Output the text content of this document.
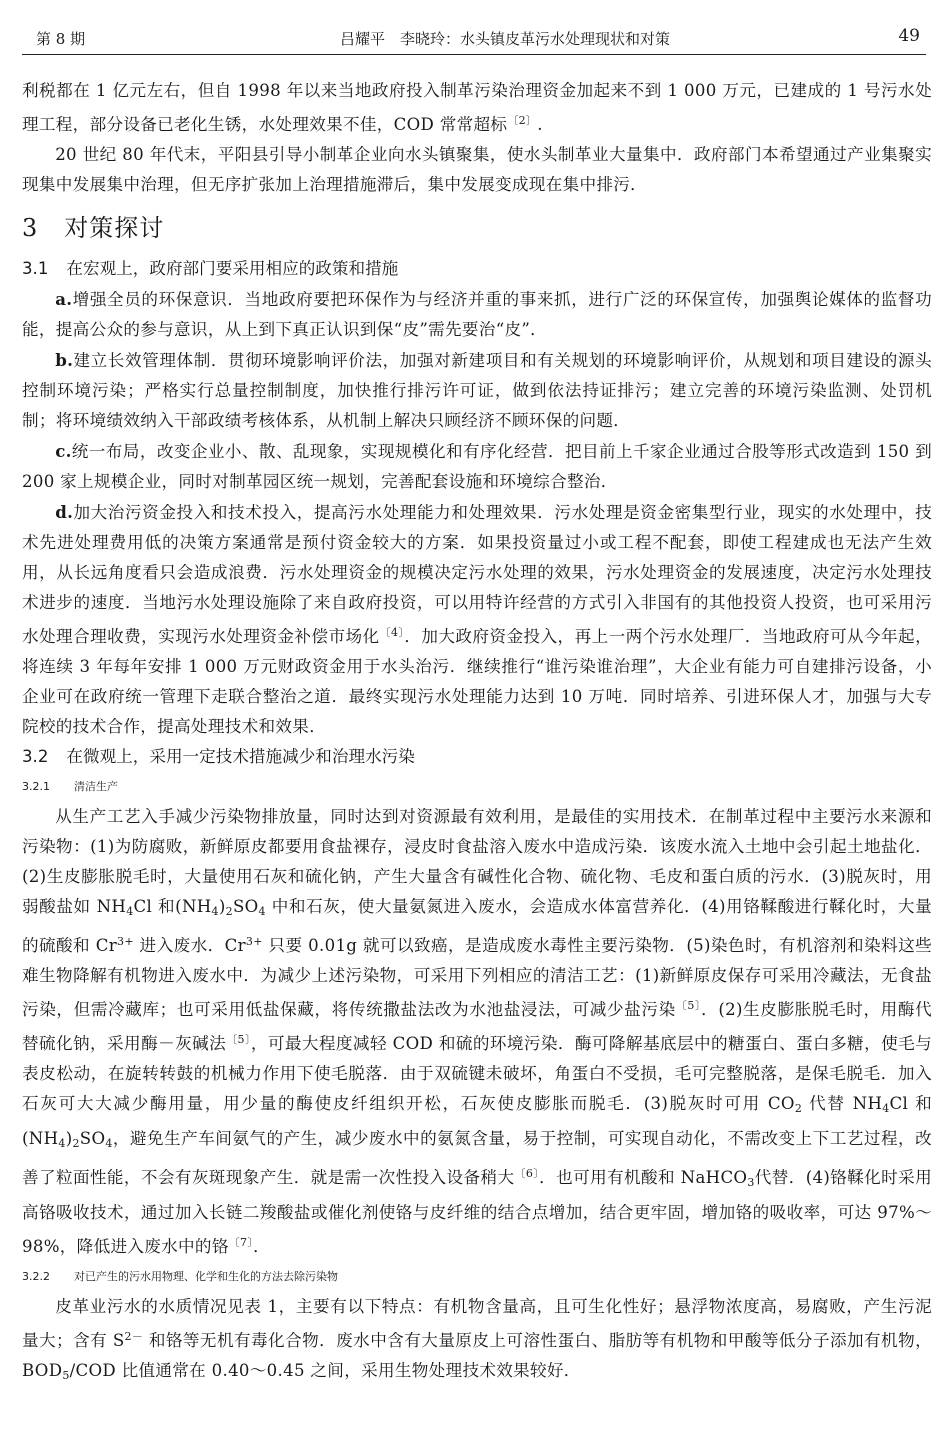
第 8 期	吕耀平　李晓玲：水头镇皮革污水处理现状和对策	49

利税都在 1 亿元左右，但自 1998 年以来当地政府投入制革污染治理资金加起来不到 1 000 万元，已建成的 1 号污水处理工程，部分设备已老化生锈，水处理效果不佳，COD 常常超标$^{〔2〕}$.

20 世纪 80 年代末，平阳县引导小制革企业向水头镇聚集，使水头制革业大量集中．政府部门本希望通过产业集聚实现集中发展集中治理，但无序扩张加上治理措施滞后，集中发展变成现在集中排污．

3 对策探讨
3.1 在宏观上，政府部门要采用相应的政策和措施

a.增强全员的环保意识．当地政府要把环保作为与经济并重的事来抓，进行广泛的环保宣传，加强舆论媒体的监督功能，提高公众的参与意识，从上到下真正认识到保“皮”需先要治“皮”．

b.建立长效管理体制．贯彻环境影响评价法，加强对新建项目和有关规划的环境影响评价，从规划和项目建设的源头控制环境污染；严格实行总量控制制度，加快推行排污许可证，做到依法持证排污；建立完善的环境污染监测、处罚机制；将环境绩效纳入干部政绩考核体系，从机制上解决只顾经济不顾环保的问题．

c.统一布局，改变企业小、散、乱现象，实现规模化和有序化经营．把目前上千家企业通过合股等形式改造到 150 到 200 家上规模企业，同时对制革园区统一规划，完善配套设施和环境综合整治．

d.加大治污资金投入和技术投入，提高污水处理能力和处理效果．污水处理是资金密集型行业，现实的水处理中，技术先进处理费用低的决策方案通常是预付资金较大的方案．如果投资量过小或工程不配套，即使工程建成也无法产生效用，从长远角度看只会造成浪费．污水处理资金的规模决定污水处理的效果，污水处理资金的发展速度，决定污水处理技术进步的速度．当地污水处理设施除了来自政府投资，可以用特许经营的方式引入非国有的其他投资人投资，也可采用污水处理合理收费，实现污水处理资金补偿市场化$^{〔4〕}$．加大政府资金投入，再上一两个污水处理厂．当地政府可从今年起，将连续 3 年每年安排 1 000 万元财政资金用于水头治污．继续推行“谁污染谁治理”，大企业有能力可自建排污设备，小企业可在政府统一管理下走联合整治之道．最终实现污水处理能力达到 10 万吨．同时培养、引进环保人才，加强与大专院校的技术合作，提高处理技术和效果．

3.2 在微观上，采用一定技术措施减少和治理水污染
3.2.1 清洁生产

从生产工艺入手减少污染物排放量，同时达到对资源最有效利用，是最佳的实用技术．在制革过程中主要污水来源和污染物：(1)为防腐败，新鲜原皮都要用食盐裸存，浸皮时食盐溶入废水中造成污染．该废水流入土地中会引起土地盐化．(2)生皮膨胀脱毛时，大量使用石灰和硫化钠，产生大量含有碱性化合物、硫化物、毛皮和蛋白质的污水．(3)脱灰时，用弱酸盐如 $NH_4Cl$ 和$(NH_4)_2SO_4$ 中和石灰，使大量氨氮进入废水，会造成水体富营养化．(4)用铬鞣酸进行鞣化时，大量的硫酸和 $Cr^{3+}$ 进入废水．$Cr^{3+}$ 只要 0.01g 就可以致癌，是造成废水毒性主要污染物．(5)染色时，有机溶剂和染料这些难生物降解有机物进入废水中．为减少上述污染物，可采用下列相应的清洁工艺：(1)新鲜原皮保存可采用冷藏法，无食盐污染，但需冷藏库；也可采用低盐保藏，将传统撒盐法改为水池盐浸法，可减少盐污染$^{〔5〕}$．(2)生皮膨胀脱毛时，用酶代替硫化钠，采用酶－灰碱法$^{〔5〕}$，可最大程度减轻 COD 和硫的环境污染．酶可降解基底层中的糖蛋白、蛋白多糖，使毛与表皮松动，在旋转转鼓的机械力作用下使毛脱落．由于双硫键未破坏，角蛋白不受损，毛可完整脱落，是保毛脱毛．加入石灰可大大减少酶用量，用少量的酶使皮纤组织开松，石灰使皮膨胀而脱毛．(3)脱灰时可用 $CO_2$ 代替 $NH_4Cl$ 和$(NH_4)_2SO_4$，避免生产车间氨气的产生，减少废水中的氨氮含量，易于控制，可实现自动化，不需改变上下工艺过程，改善了粒面性能，不会有灰斑现象产生．就是需一次性投入设备稍大$^{〔6〕}$．也可用有机酸和 NaHCO$_3$代替．(4)铬鞣化时采用高铬吸收技术，通过加入长链二羧酸盐或催化剂使铬与皮纤维的结合点增加，结合更牢固，增加铬的吸收率，可达 97%～98%，降低进入废水中的铬$^{〔7〕}$．

3.2.2 对已产生的污水用物理、化学和生化的方法去除污染物

皮革业污水的水质情况见表 1，主要有以下特点：有机物含量高，且可生化性好；悬浮物浓度高，易腐败，产生污泥量大；含有 $S^{2-}$ 和铬等无机有毒化合物．废水中含有大量原皮上可溶性蛋白、脂肪等有机物和甲酸等低分子添加有机物，$BOD_5$/COD 比值通常在 0.40～0.45 之间，采用生物处理技术效果较好．
